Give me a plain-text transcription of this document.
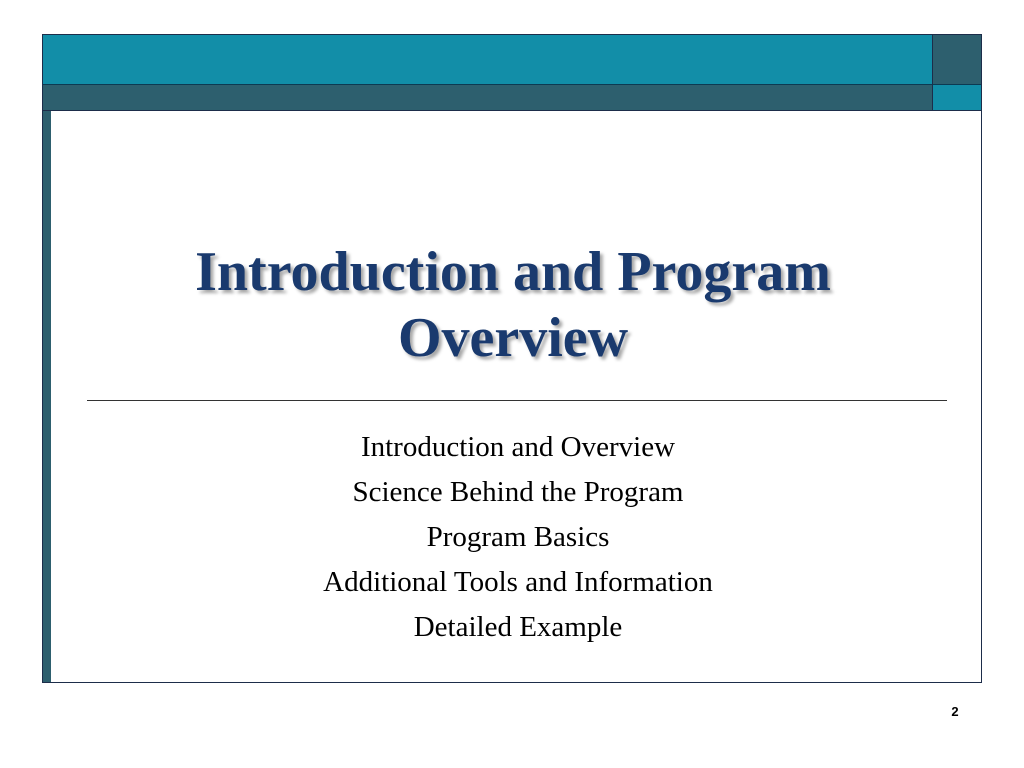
Introduction and Program
Overview
Introduction and Overview
Science Behind the Program
Program Basics
Additional Tools and Information
Detailed Example
2
